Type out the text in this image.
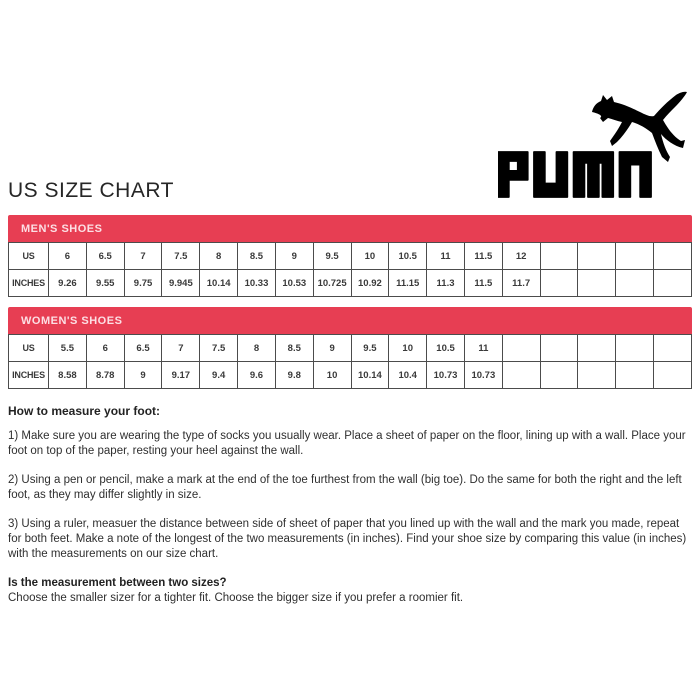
US SIZE CHART
MEN'S SHOES
US	6	6.5	7	7.5	8	8.5	9	9.5	10	10.5	11	11.5	12				
INCHES	9.26	9.55	9.75	9.945	10.14	10.33	10.53	10.725	10.92	11.15	11.3	11.5	11.7				
WOMEN'S SHOES
US	5.5	6	6.5	7	7.5	8	8.5	9	9.5	10	10.5	11					
INCHES	8.58	8.78	9	9.17	9.4	9.6	9.8	10	10.14	10.4	10.73	10.73					
How to measure your foot:

1) Make sure you are wearing the type of socks you usually wear. Place a sheet of paper on the floor, lining up with a wall. Place your foot on top of the paper, resting your heel against the wall.

2) Using a pen or pencil, make a mark at the end of the toe furthest from the wall (big toe). Do the same for both the right and the left foot, as they may differ slightly in size.

3) Using a ruler, measuer the distance between side of sheet of paper that you lined up with the wall and the mark you made, repeat for both feet. Make a note of the longest of the two measurements (in inches). Find your shoe size by comparing this value (in inches) with the measurements on our size chart.

Is the measurement between two sizes?
Choose the smaller sizer for a tighter fit. Choose the bigger size if you prefer a roomier fit.
